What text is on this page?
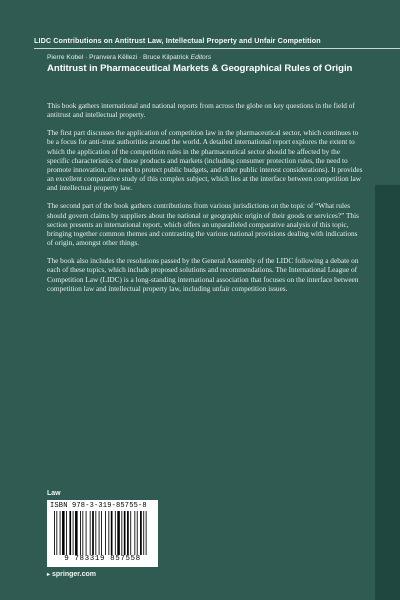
LIDC Contributions on Antitrust Law, Intellectual Property and Unfair Competition
Pierre Kobel · Pranvera Këllezi · Bruce Kilpatrick Editors
Antitrust in Pharmaceutical Markets & Geographical Rules of Origin

This book gathers international and national reports from across the globe on key questions in the field of antitrust and intellectual property.

The first part discusses the application of competition law in the pharmaceutical sector, which continues to be a focus for anti-trust authorities around the world. A detailed international report explores the extent to which the application of the competition rules in the pharmaceutical sector should be affected by the specific characteristics of those products and markets (including consumer protection rules, the need to promote innovation, the need to protect public budgets, and other public interest considerations). It provides an excellent comparative study of this complex subject, which lies at the interface between competition law and intellectual property law.

The second part of the book gathers contributions from various jurisdictions on the topic of “What rules should govern claims by suppliers about the national or geographic origin of their goods or services?” This section presents an international report, which offers an unparalleled comparative analysis of this topic, bringing together common themes and contrasting the various national provisions dealing with indications of origin, amongst other things.

The book also includes the resolutions passed by the General Assembly of the LIDC following a debate on each of these topics, which include proposed solutions and recommendations. The International League of Competition Law (LIDC) is a long-standing international association that focuses on the interface between competition law and intellectual property law, including unfair competition issues.

Law
ISBN 978-3-319-85755-8
9 783319 857558
▸ springer.com
